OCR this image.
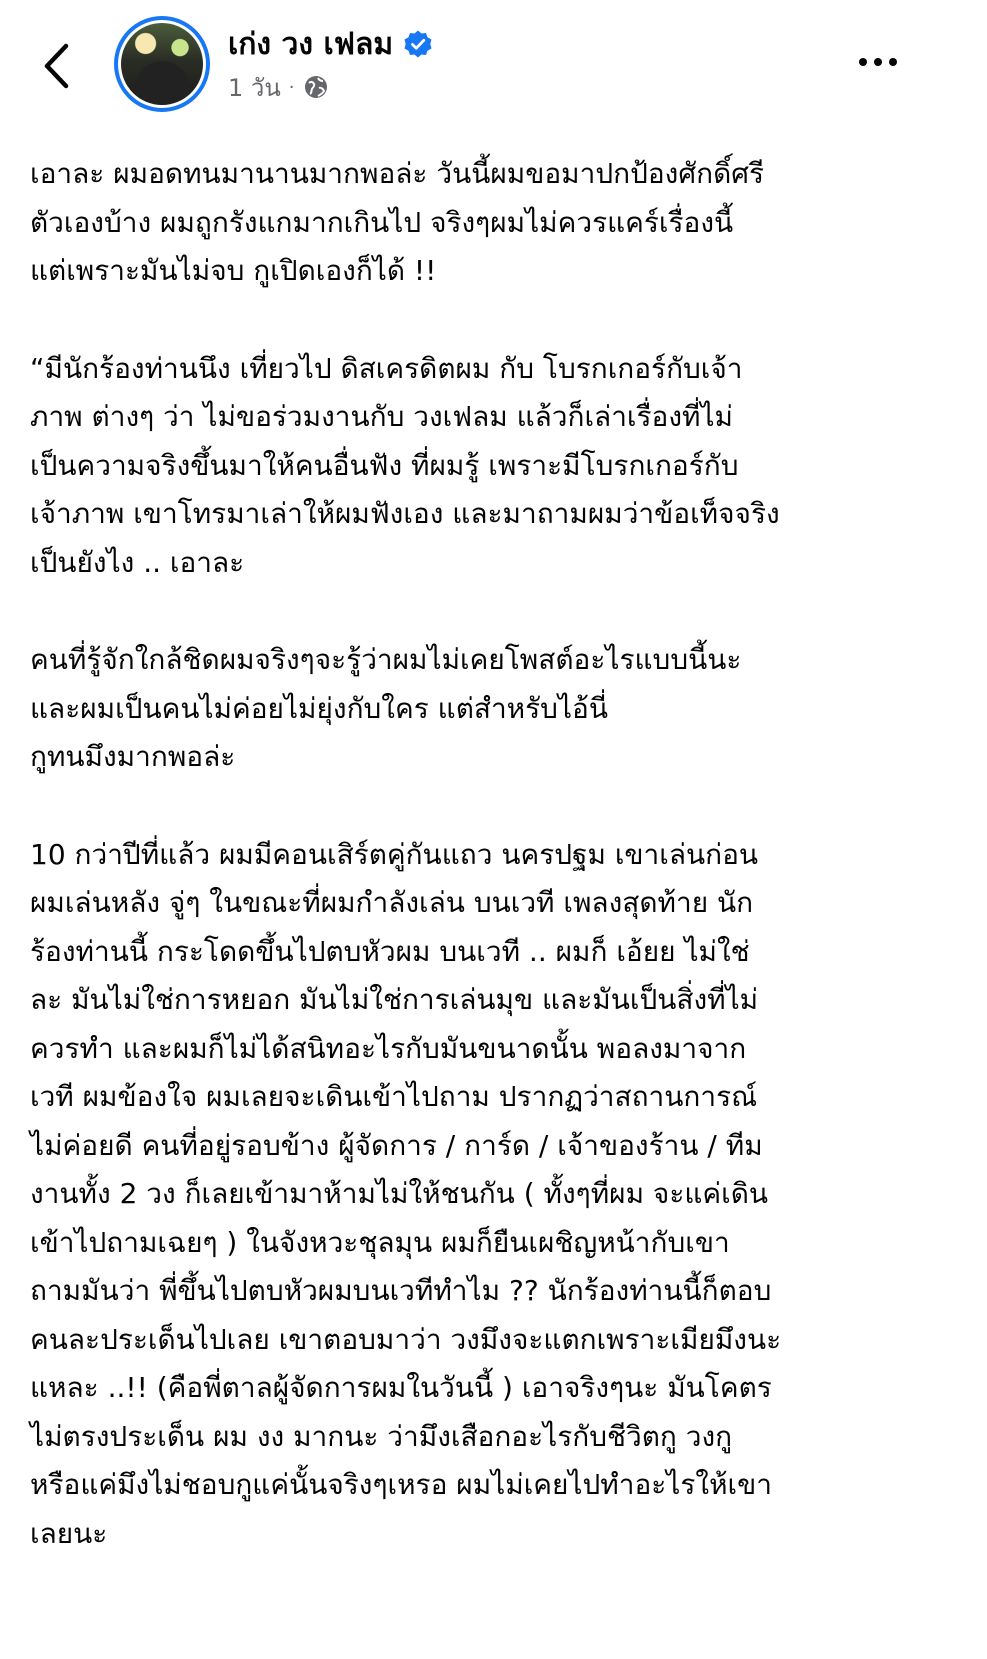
เก่ง วง เฟลม
1 วัน ·

เอาละ ผมอดทนมานานมากพอล่ะ วันนี้ผมขอมาปกป้องศักดิ์ศรี
ตัวเองบ้าง ผมถูกรังแกมากเกินไป จริงๆผมไม่ควรแคร์เรื่องนี้
แต่เพราะมันไม่จบ กูเปิดเองก็ได้ !!

“มีนักร้องท่านนึง เที่ยวไป ดิสเครดิตผม กับ โบรกเกอร์กับเจ้า
ภาพ ต่างๆ ว่า ไม่ขอร่วมงานกับ วงเฟลม แล้วก็เล่าเรื่องที่ไม่
เป็นความจริงขึ้นมาให้คนอื่นฟัง ที่ผมรู้ เพราะมีโบรกเกอร์กับ
เจ้าภาพ เขาโทรมาเล่าให้ผมฟังเอง และมาถามผมว่าข้อเท็จจริง
เป็นยังไง .. เอาละ

คนที่รู้จักใกล้ชิดผมจริงๆจะรู้ว่าผมไม่เคยโพสต์อะไรแบบนี้นะ
และผมเป็นคนไม่ค่อยไม่ยุ่งกับใคร แต่สำหรับไอ้นี่
กูทนมึงมากพอล่ะ

10 กว่าปีที่แล้ว ผมมีคอนเสิร์ตคู่กันแถว นครปฐม เขาเล่นก่อน
ผมเล่นหลัง จู่ๆ ในขณะที่ผมกำลังเล่น บนเวที เพลงสุดท้าย นัก
ร้องท่านนี้ กระโดดขึ้นไปตบหัวผม บนเวที .. ผมก็ เอ้ยย ไม่ใช่
ละ มันไม่ใช่การหยอก มันไม่ใช่การเล่นมุข และมันเป็นสิ่งที่ไม่
ควรทำ และผมก็ไม่ได้สนิทอะไรกับมันขนาดนั้น พอลงมาจาก
เวที ผมข้องใจ ผมเลยจะเดินเข้าไปถาม ปรากฏว่าสถานการณ์
ไม่ค่อยดี คนที่อยู่รอบข้าง ผู้จัดการ / การ์ด / เจ้าของร้าน / ทีม
งานทั้ง 2 วง ก็เลยเข้ามาห้ามไม่ให้ชนกัน ( ทั้งๆที่ผม จะแค่เดิน
เข้าไปถามเฉยๆ ) ในจังหวะชุลมุน ผมก็ยืนเผชิญหน้ากับเขา
ถามมันว่า พี่ขึ้นไปตบหัวผมบนเวทีทำไม ?? นักร้องท่านนี้ก็ตอบ
คนละประเด็นไปเลย เขาตอบมาว่า วงมึงจะแตกเพราะเมียมึงนะ
แหละ ..!! (คือพี่ตาลผู้จัดการผมในวันนี้ ) เอาจริงๆนะ มันโคตร
ไม่ตรงประเด็น ผม งง มากนะ ว่ามึงเสือกอะไรกับชีวิตกู วงกู
หรือแค่มึงไม่ชอบกูแค่นั้นจริงๆเหรอ ผมไม่เคยไปทำอะไรให้เขา
เลยนะ
